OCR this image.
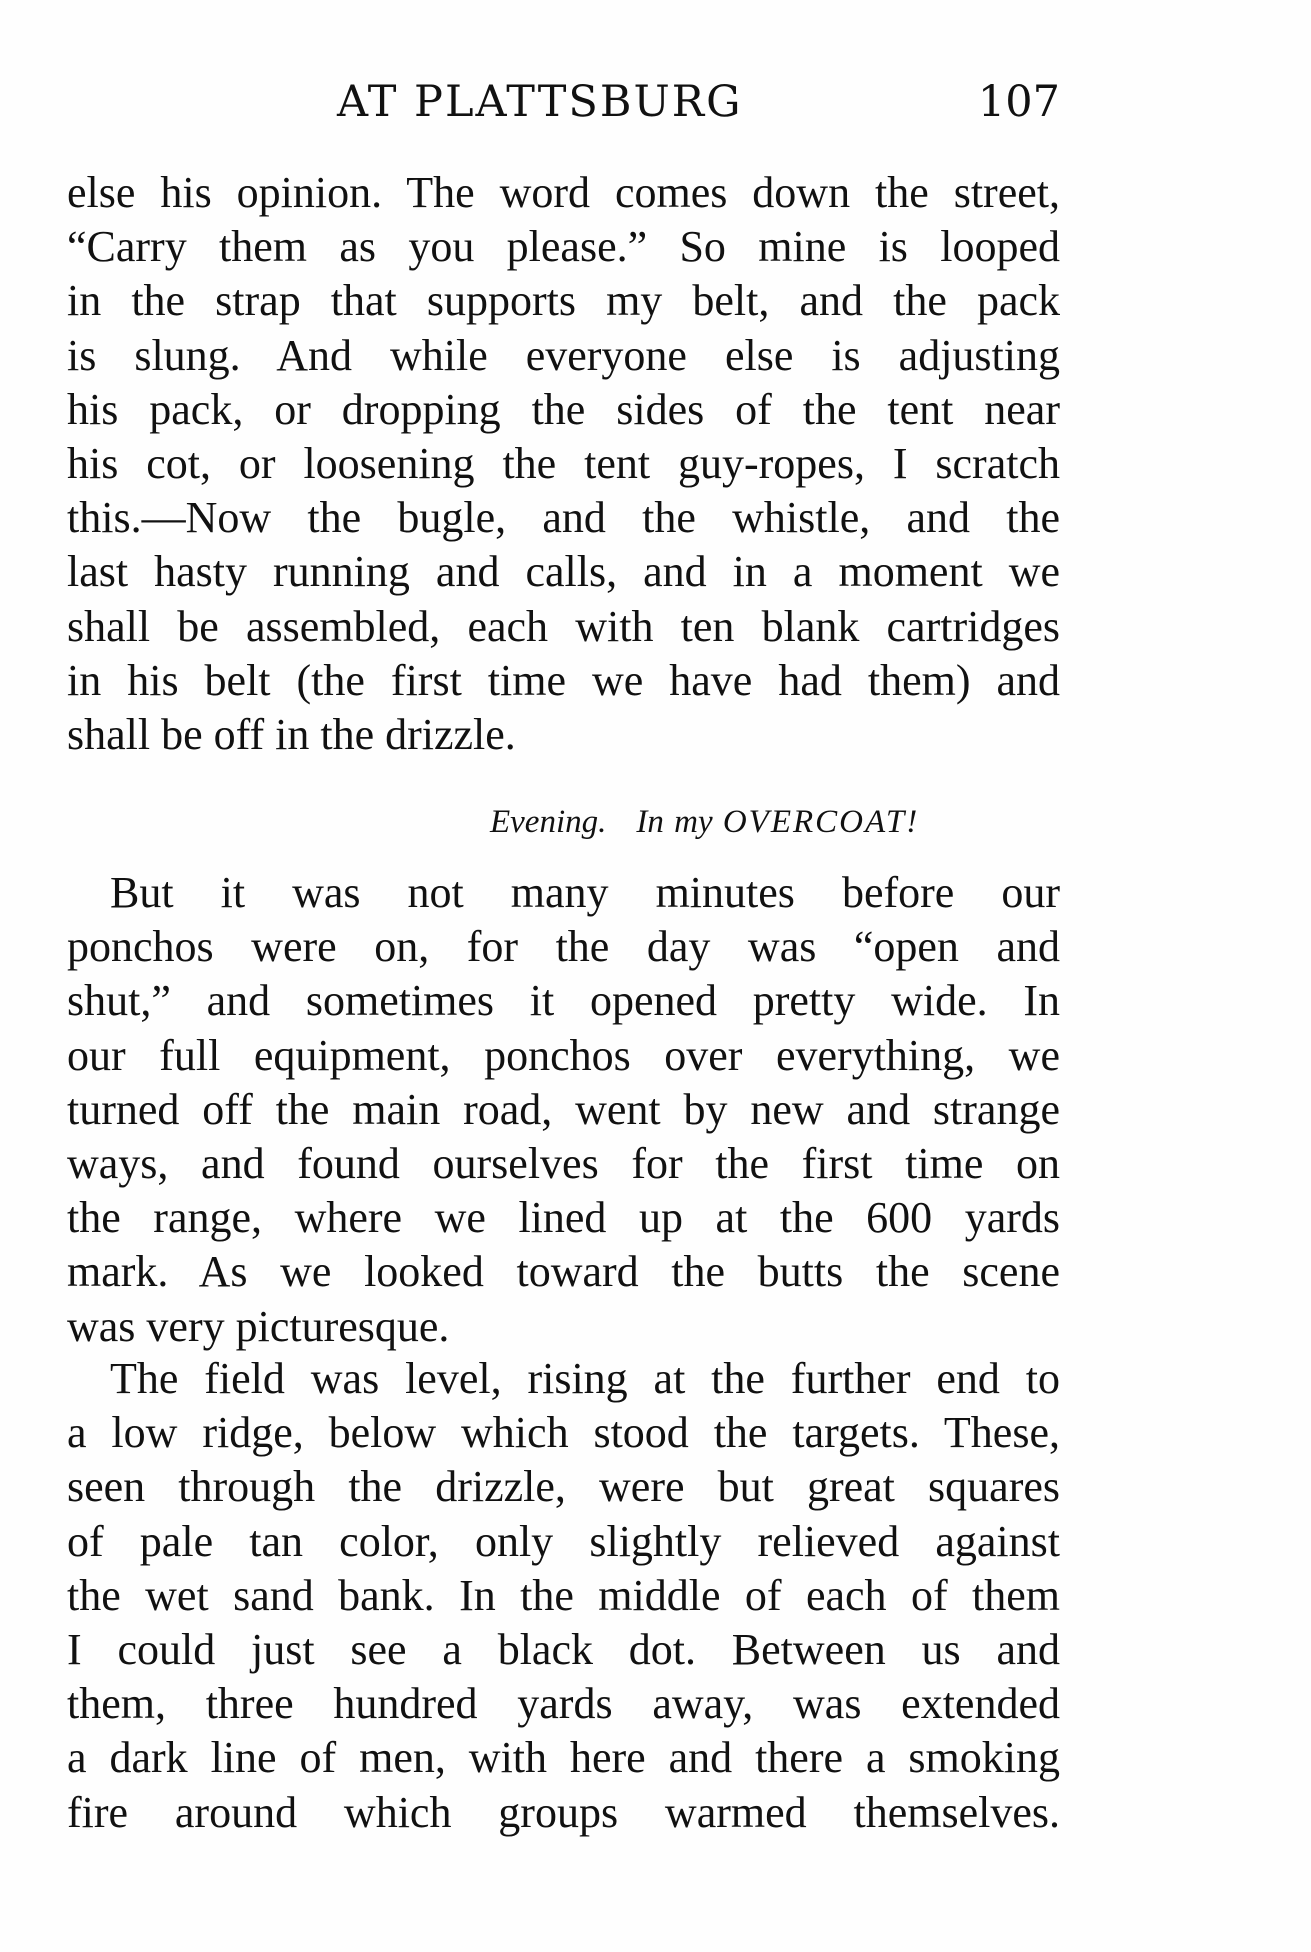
AT PLATTSBURG	107
else his opinion. The word comes down the street,
“Carry them as you please.” So mine is looped
in the strap that supports my belt, and the pack
is slung. And while everyone else is adjusting
his pack, or dropping the sides of the tent near
his cot, or loosening the tent guy-ropes, I scratch
this.—Now the bugle, and the whistle, and the
last hasty running and calls, and in a moment we
shall be assembled, each with ten blank cartridges
in his belt (the first time we have had them) and
shall be off in the drizzle.
Evening. In my OVERCOAT!
But it was not many minutes before our
ponchos were on, for the day was “open and
shut,” and sometimes it opened pretty wide. In
our full equipment, ponchos over everything, we
turned off the main road, went by new and strange
ways, and found ourselves for the first time on
the range, where we lined up at the 600 yards
mark. As we looked toward the butts the scene
was very picturesque.
The field was level, rising at the further end to
a low ridge, below which stood the targets. These,
seen through the drizzle, were but great squares
of pale tan color, only slightly relieved against
the wet sand bank. In the middle of each of them
I could just see a black dot. Between us and
them, three hundred yards away, was extended
a dark line of men, with here and there a smoking
fire around which groups warmed themselves.
